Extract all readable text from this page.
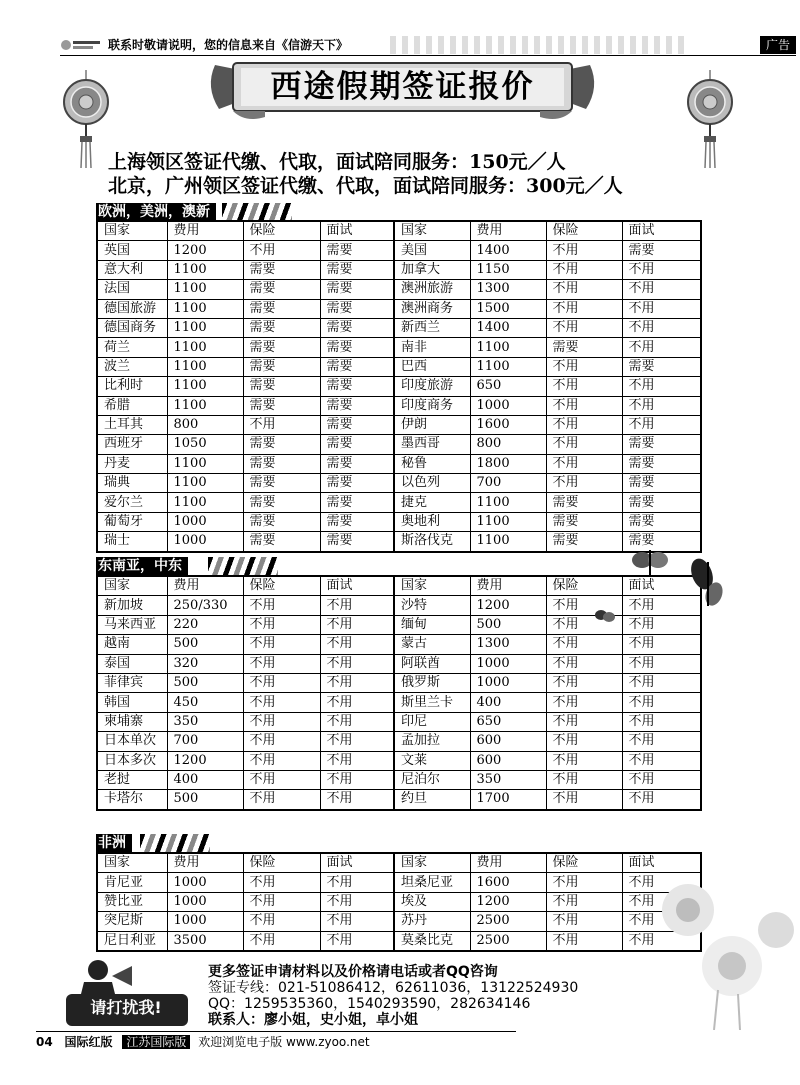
联系时敬请说明，您的信息来自《信游天下》	广告
西途假期签证报价
上海领区签证代缴、代取，面试陪同服务：150元／人
北京，广州领区签证代缴、代取，面试陪同服务：300元／人
欧洲，美洲，澳新
国家	费用	保险	面试	国家	费用	保险	面试
英国	1200	不用	需要	美国	1400	不用	需要
意大利	1100	需要	需要	加拿大	1150	不用	不用
法国	1100	需要	需要	澳洲旅游	1300	不用	不用
德国旅游	1100	需要	需要	澳洲商务	1500	不用	不用
德国商务	1100	需要	需要	新西兰	1400	不用	不用
荷兰	1100	需要	需要	南非	1100	需要	不用
波兰	1100	需要	需要	巴西	1100	不用	需要
比利时	1100	需要	需要	印度旅游	650	不用	不用
希腊	1100	需要	需要	印度商务	1000	不用	不用
土耳其	800	不用	需要	伊朗	1600	不用	不用
西班牙	1050	需要	需要	墨西哥	800	不用	需要
丹麦	1100	需要	需要	秘鲁	1800	不用	需要
瑞典	1100	需要	需要	以色列	700	不用	需要
爱尔兰	1100	需要	需要	捷克	1100	需要	需要
葡萄牙	1000	需要	需要	奥地利	1100	需要	需要
瑞士	1000	需要	需要	斯洛伐克	1100	需要	需要
东南亚，中东
国家	费用	保险	面试	国家	费用	保险	面试
新加坡	250/330	不用	不用	沙特	1200	不用	不用
马来西亚	220	不用	不用	缅甸	500	不用	不用
越南	500	不用	不用	蒙古	1300	不用	不用
泰国	320	不用	不用	阿联酋	1000	不用	不用
菲律宾	500	不用	不用	俄罗斯	1000	不用	不用
韩国	450	不用	不用	斯里兰卡	400	不用	不用
柬埔寨	350	不用	不用	印尼	650	不用	不用
日本单次	700	不用	不用	孟加拉	600	不用	不用
日本多次	1200	不用	不用	文莱	600	不用	不用
老挝	400	不用	不用	尼泊尔	350	不用	不用
卡塔尔	500	不用	不用	约旦	1700	不用	不用
非洲
国家	费用	保险	面试	国家	费用	保险	面试
肯尼亚	1000	不用	不用	坦桑尼亚	1600	不用	不用
赞比亚	1000	不用	不用	埃及	1200	不用	不用
突尼斯	1000	不用	不用	苏丹	2500	不用	不用
尼日利亚	3500	不用	不用	莫桑比克	2500	不用	不用
请打扰我!
更多签证申请材料以及价格请电话或者QQ咨询
签证专线：021-51086412，62611036，13122524930
QQ：1259535360，1540293590，282634146
联系人：廖小姐，史小姐，卓小姐
04 国际红版 江苏国际版 欢迎浏览电子版 www.zyoo.net
